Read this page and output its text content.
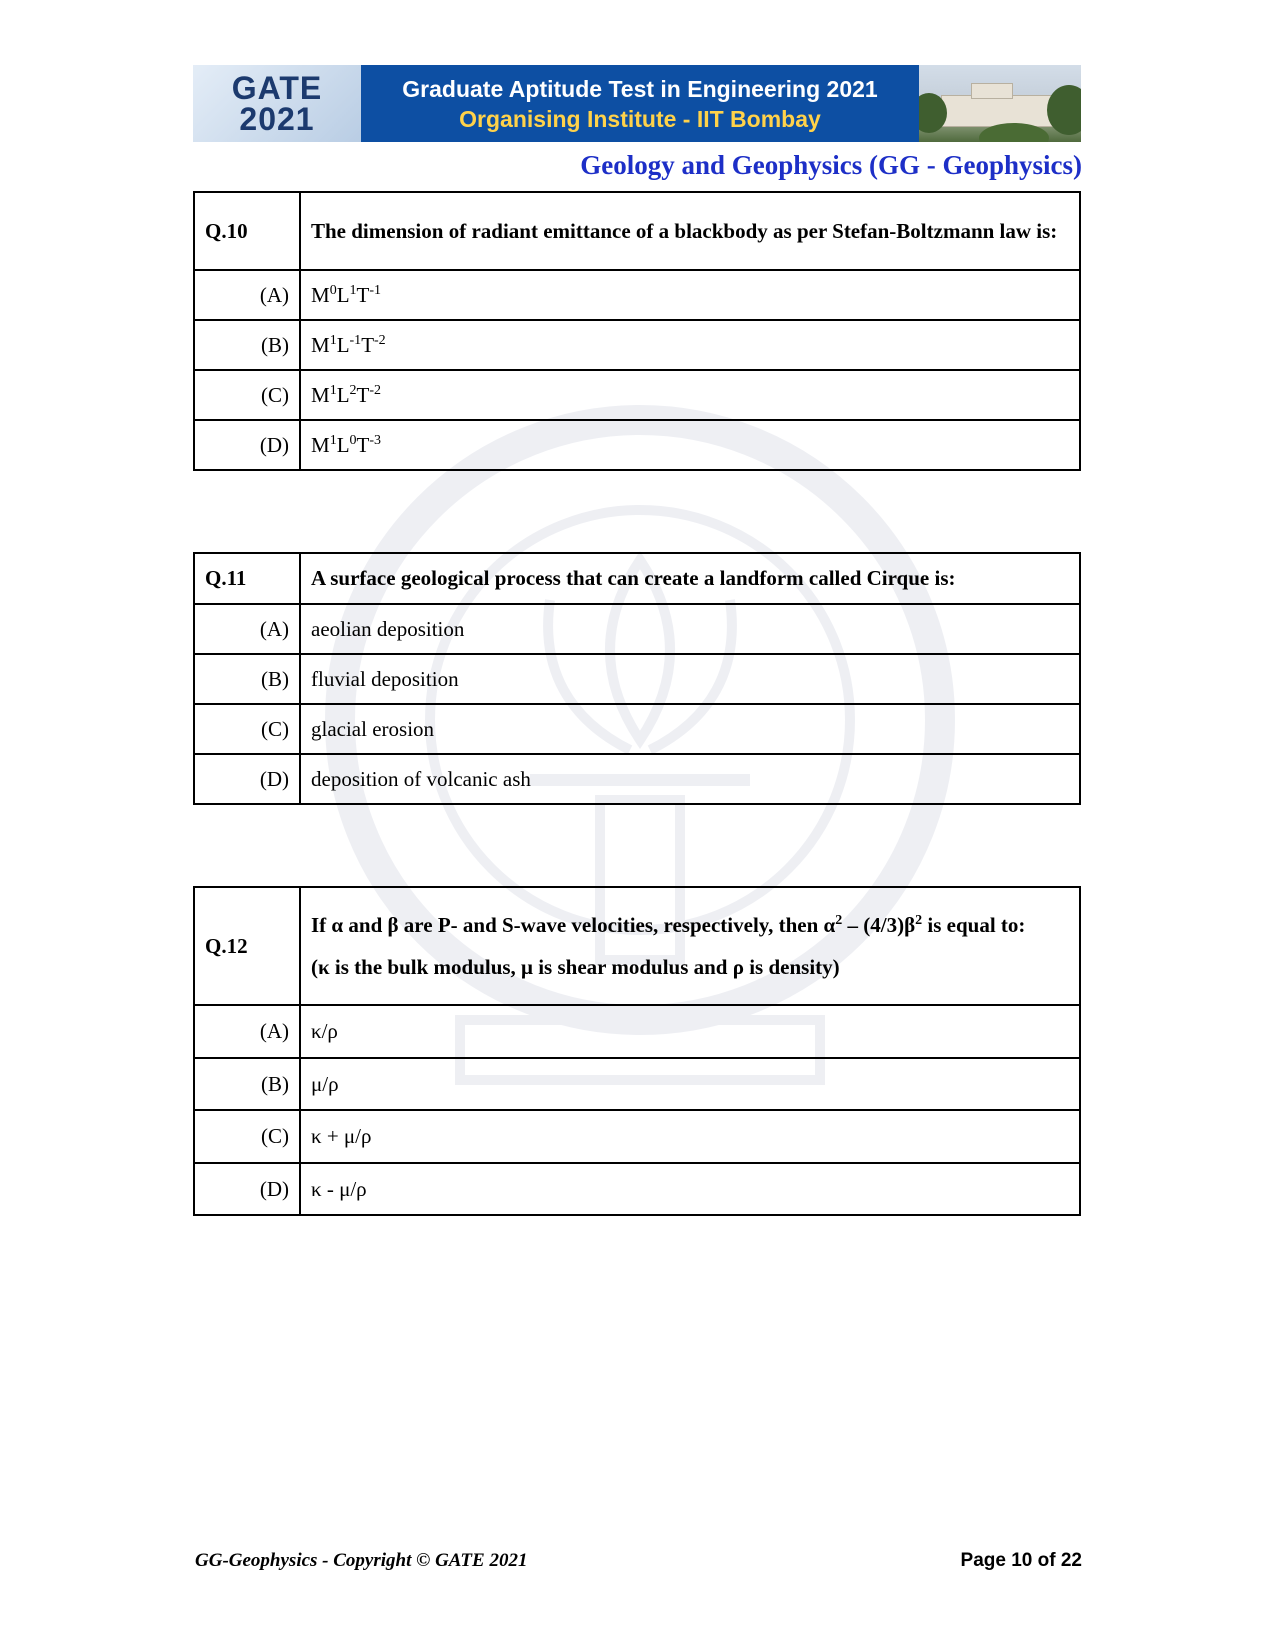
GATE
2021
Graduate Aptitude Test in Engineering 2021
Organising Institute - IIT Bombay
Geology and Geophysics (GG - Geophysics)
Q.10	The dimension of radiant emittance of a blackbody as per Stefan-Boltzmann law is:
(A)	$M^0L^1T^{-1}$
(B)	$M^1L^{-1}T^{-2}$
(C)	$M^1L^2T^{-2}$
(D)	$M^1L^0T^{-3}$
Q.11	A surface geological process that can create a landform called Cirque is:
(A)	aeolian deposition
(B)	fluvial deposition
(C)	glacial erosion
(D)	deposition of volcanic ash
Q.12	If α and β are P- and S-wave velocities, respectively, then $\alpha^2 - (4/3)\beta^2$ is equal to:
(κ is the bulk modulus, μ is shear modulus and ρ is density)

(A)	κ/ρ
(B)	μ/ρ
(C)	κ + μ/ρ
(D)	κ - μ/ρ
GG-Geophysics - Copyright © GATE 2021	Page 10 of 22
